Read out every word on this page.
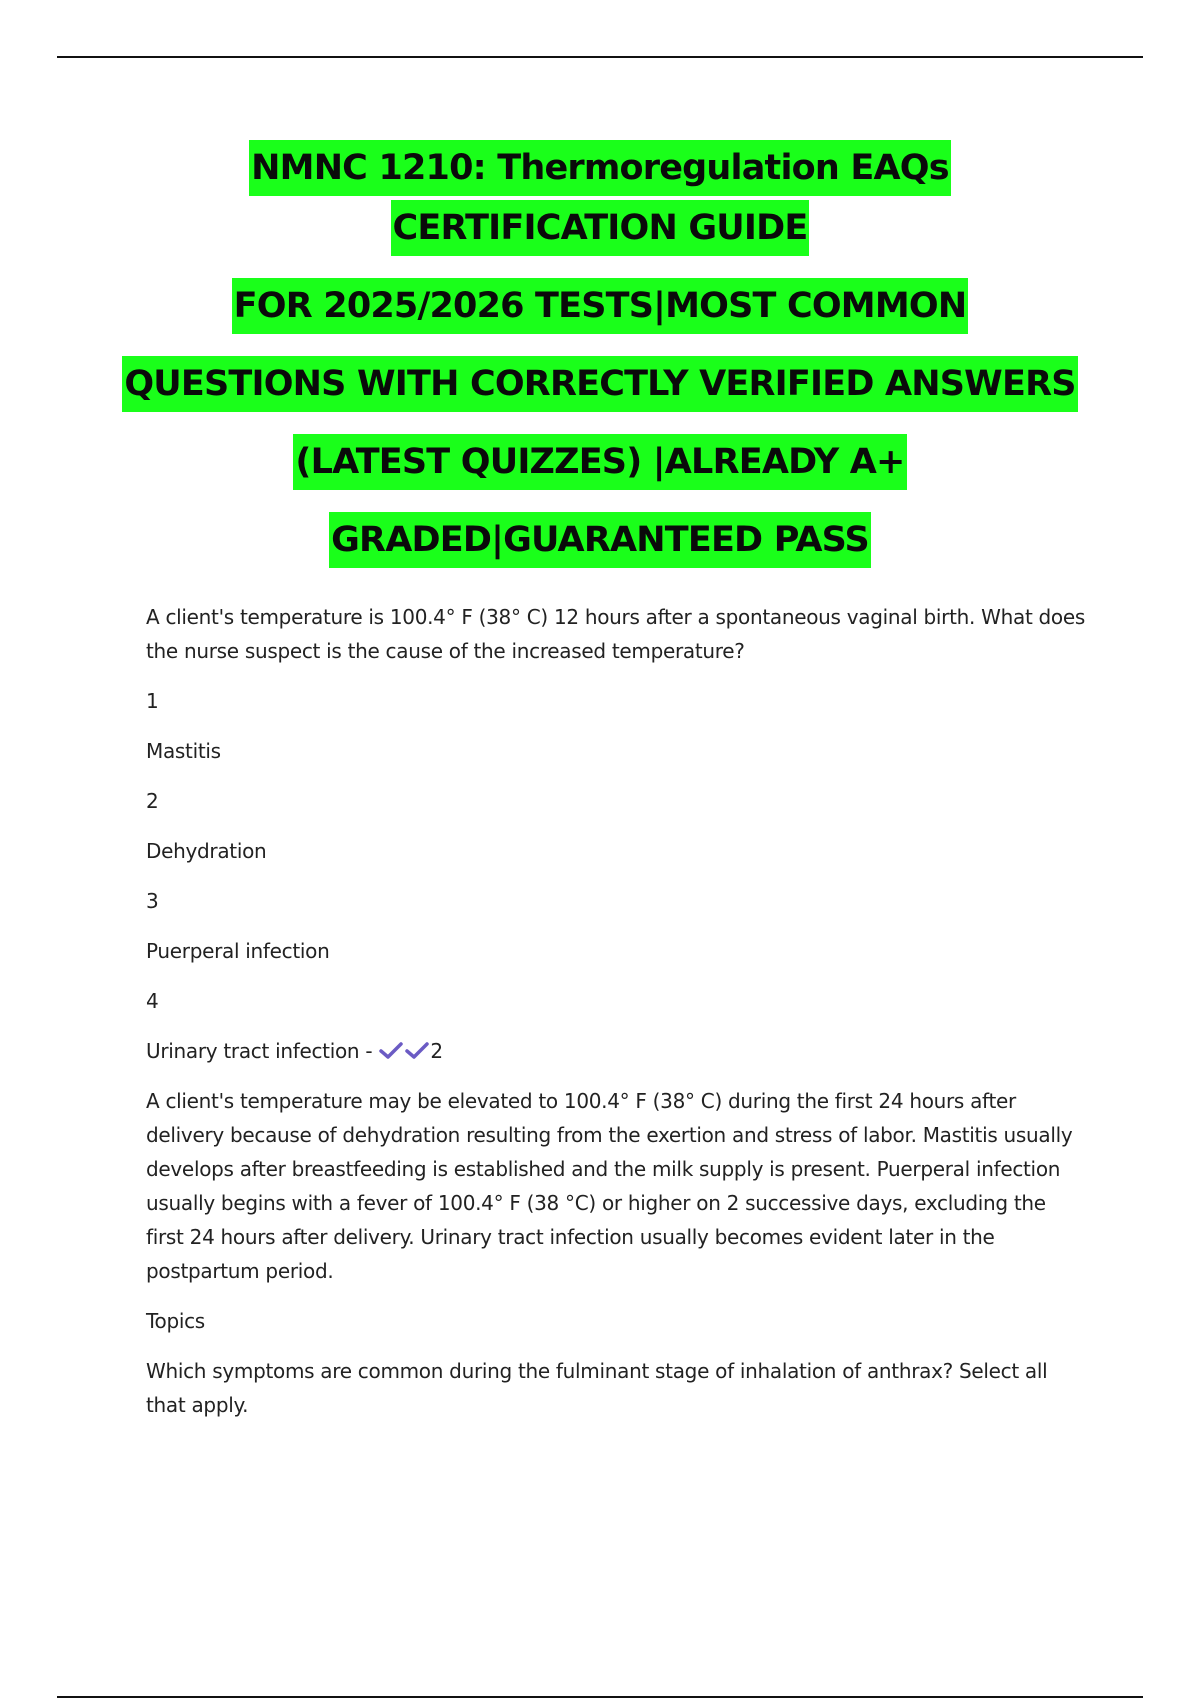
NMNC 1210: Thermoregulation EAQs
CERTIFICATION GUIDE
FOR 2025/2026 TESTS|MOST COMMON
QUESTIONS WITH CORRECTLY VERIFIED ANSWERS
(LATEST QUIZZES) |ALREADY A+
GRADED|GUARANTEED PASS

A client's temperature is 100.4° F (38° C) 12 hours after a spontaneous vaginal birth. What does the nurse suspect is the cause of the increased temperature?

1

Mastitis

2

Dehydration

3

Puerperal infection

4

Urinary tract infection -	2

A client's temperature may be elevated to 100.4° F (38° C) during the first 24 hours after delivery because of dehydration resulting from the exertion and stress of labor. Mastitis usually develops after breastfeeding is established and the milk supply is present. Puerperal infection usually begins with a fever of 100.4° F (38 °C) or higher on 2 successive days, excluding the first 24 hours after delivery. Urinary tract infection usually becomes evident later in the postpartum period.

Topics

Which symptoms are common during the fulminant stage of inhalation of anthrax? Select all that apply.
